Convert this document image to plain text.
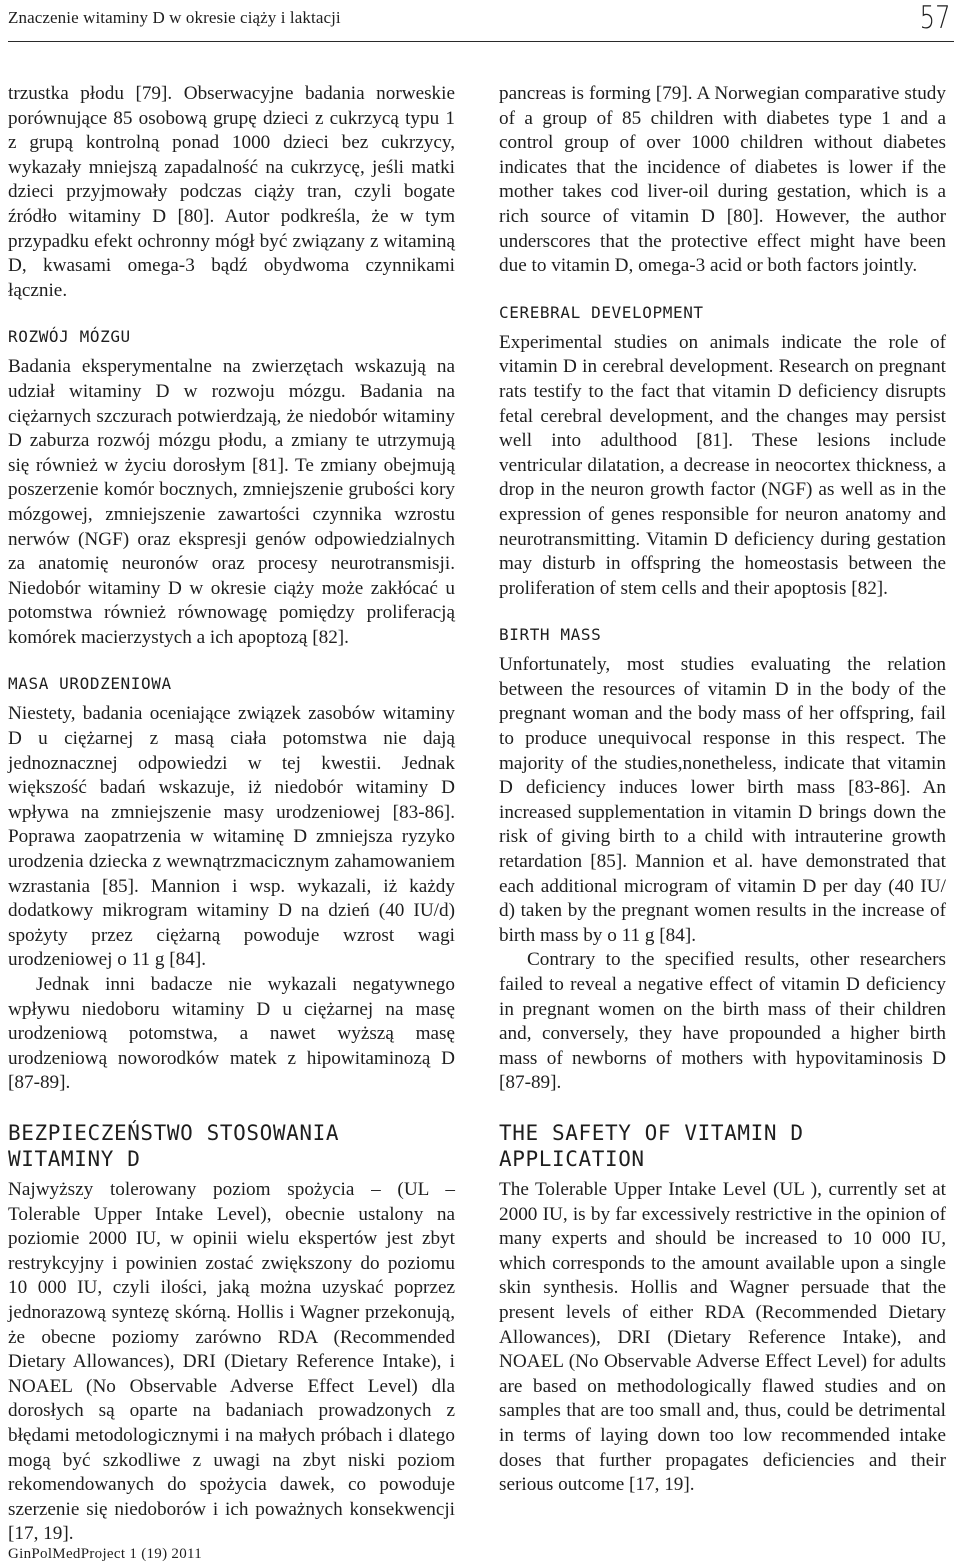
Znaczenie witaminy D w okresie ciąży i laktacji	57

trzustka płodu [79]. Obserwacyjne badania norweskie porównujące 85 osobową grupę dzieci z cukrzycą typu 1 z grupą kontrolną ponad 1000 dzieci bez cukrzycy, wykazały mniejszą zapadalność na cukrzycę, jeśli matki dzieci przyjmowały podczas ciąży tran, czyli bogate źródło witaminy D [80]. Autor podkreśla, że w tym przypadku efekt ochronny mógł być związany z witaminą D, kwasami omega-3 bądź obydwoma czynnikami łącznie.

ROZWÓJ MÓZGU

Badania eksperymentalne na zwierzętach wskazują na udział witaminy D w rozwoju mózgu. Badania na ciężarnych szczurach potwierdzają, że niedobór witaminy D zaburza rozwój mózgu płodu, a zmiany te utrzymują się również w życiu dorosłym [81]. Te zmiany obejmują poszerzenie komór bocznych, zmniejszenie grubości kory mózgowej, zmniejszenie zawartości czynnika wzrostu nerwów (NGF) oraz ekspresji genów odpowiedzialnych za anatomię neuronów oraz procesy neurotransmisji. Niedobór witaminy D w okresie ciąży może zakłócać u potomstwa również równowagę pomiędzy proliferacją komórek macierzystych a ich apoptozą [82].

MASA URODZENIOWA

Niestety, badania oceniające związek zasobów witaminy D u ciężarnej z masą ciała potomstwa nie dają jednoznacznej odpowiedzi w tej kwestii. Jednak większość badań wskazuje, iż niedobór witaminy D wpływa na zmniejszenie masy urodzeniowej [83-86]. Poprawa zaopatrzenia w witaminę D zmniejsza ryzyko urodzenia dziecka z wewnątrzmacicznym zahamowaniem wzrastania [85]. Mannion i wsp. wykazali, iż każdy dodatkowy mikrogram witaminy D na dzień (40 IU/d) spożyty przez ciężarną powoduje wzrost wagi urodzeniowej o 11 g [84].

Jednak inni badacze nie wykazali negatywnego wpływu niedoboru witaminy D u ciężarnej na masę urodzeniową potomstwa, a nawet wyższą masę urodzeniową noworodków matek z hipowitaminozą D [87-89].

BEZPIECZEŃSTWO STOSOWANIA WITAMINY D

Najwyższy tolerowany poziom spożycia – (UL – Tolerable Upper Intake Level), obecnie ustalony na poziomie 2000 IU, w opinii wielu ekspertów jest zbyt restrykcyjny i powinien zostać zwiększony do poziomu 10 000 IU, czyli ilości, jaką można uzyskać poprzez jednorazową syntezę skórną. Hollis i Wagner przekonują, że obecne poziomy zarówno RDA (Recommended Dietary Allowances), DRI (Dietary Reference Intake), i NOAEL (No Observable Adverse Effect Level) dla dorosłych są oparte na badaniach prowadzonych z błędami metodologicznymi i na małych próbach i dlatego mogą być szkodliwe z uwagi na zbyt niski poziom rekomendowanych do spożycia dawek, co powoduje szerzenie się niedoborów i ich poważnych konsekwencji [17, 19].

pancreas is forming [79]. A Norwegian comparative study of a group of 85 children with diabetes type 1 and a control group of over 1000 children without diabetes indicates that the incidence of diabetes is lower if the mother takes cod liver-oil during gestation, which is a rich source of vitamin D [80]. However, the author underscores that the protective effect might have been due to vitamin D, omega-3 acid or both factors jointly.

CEREBRAL DEVELOPMENT

Experimental studies on animals indicate the role of vitamin D in cerebral development. Research on pregnant rats testify to the fact that vitamin D deficiency disrupts fetal cerebral development, and the changes may persist well into adulthood [81]. These lesions include ventricular dilatation, a decrease in neocortex thickness, a drop in the neuron growth factor (NGF) as well as in the expression of genes responsible for neuron anatomy and neurotransmitting. Vitamin D deficiency during gestation may disturb in offspring the homeostasis between the proliferation of stem cells and their apoptosis [82].

BIRTH MASS

Unfortunately, most studies evaluating the relation between the resources of vitamin D in the body of the pregnant woman and the body mass of her offspring, fail to produce unequivocal response in this respect. The majority of the studies,nonetheless, indicate that vitamin D deficiency induces lower birth mass [83-86]. An increased supplementation in vitamin D brings down the risk of giving birth to a child with intrauterine growth retardation [85]. Mannion et al. have demonstrated that each additional microgram of vitamin D per day (40 IU/ d) taken by the pregnant women results in the increase of birth mass by o 11 g [84].

Contrary to the specified results, other researchers failed to reveal a negative effect of vitamin D deficiency in pregnant women on the birth mass of their children and, conversely, they have propounded a higher birth mass of newborns of mothers with hypovitaminosis D [87-89].

THE SAFETY OF VITAMIN D APPLICATION

The Tolerable Upper Intake Level (UL ), currently set at 2000 IU, is by far excessively restrictive in the opinion of many experts and should be increased to 10 000 IU, which corresponds to the amount available upon a single skin synthesis. Hollis and Wagner persuade that the present levels of either RDA (Recommended Dietary Allowances), DRI (Dietary Reference Intake), and NOAEL (No Observable Adverse Effect Level) for adults are based on methodologically flawed studies and on samples that are too small and, thus, could be detrimental in terms of laying down too low recommended intake doses that further propagates deficiencies and their serious outcome [17, 19].

GinPolMedProject 1 (19) 2011
